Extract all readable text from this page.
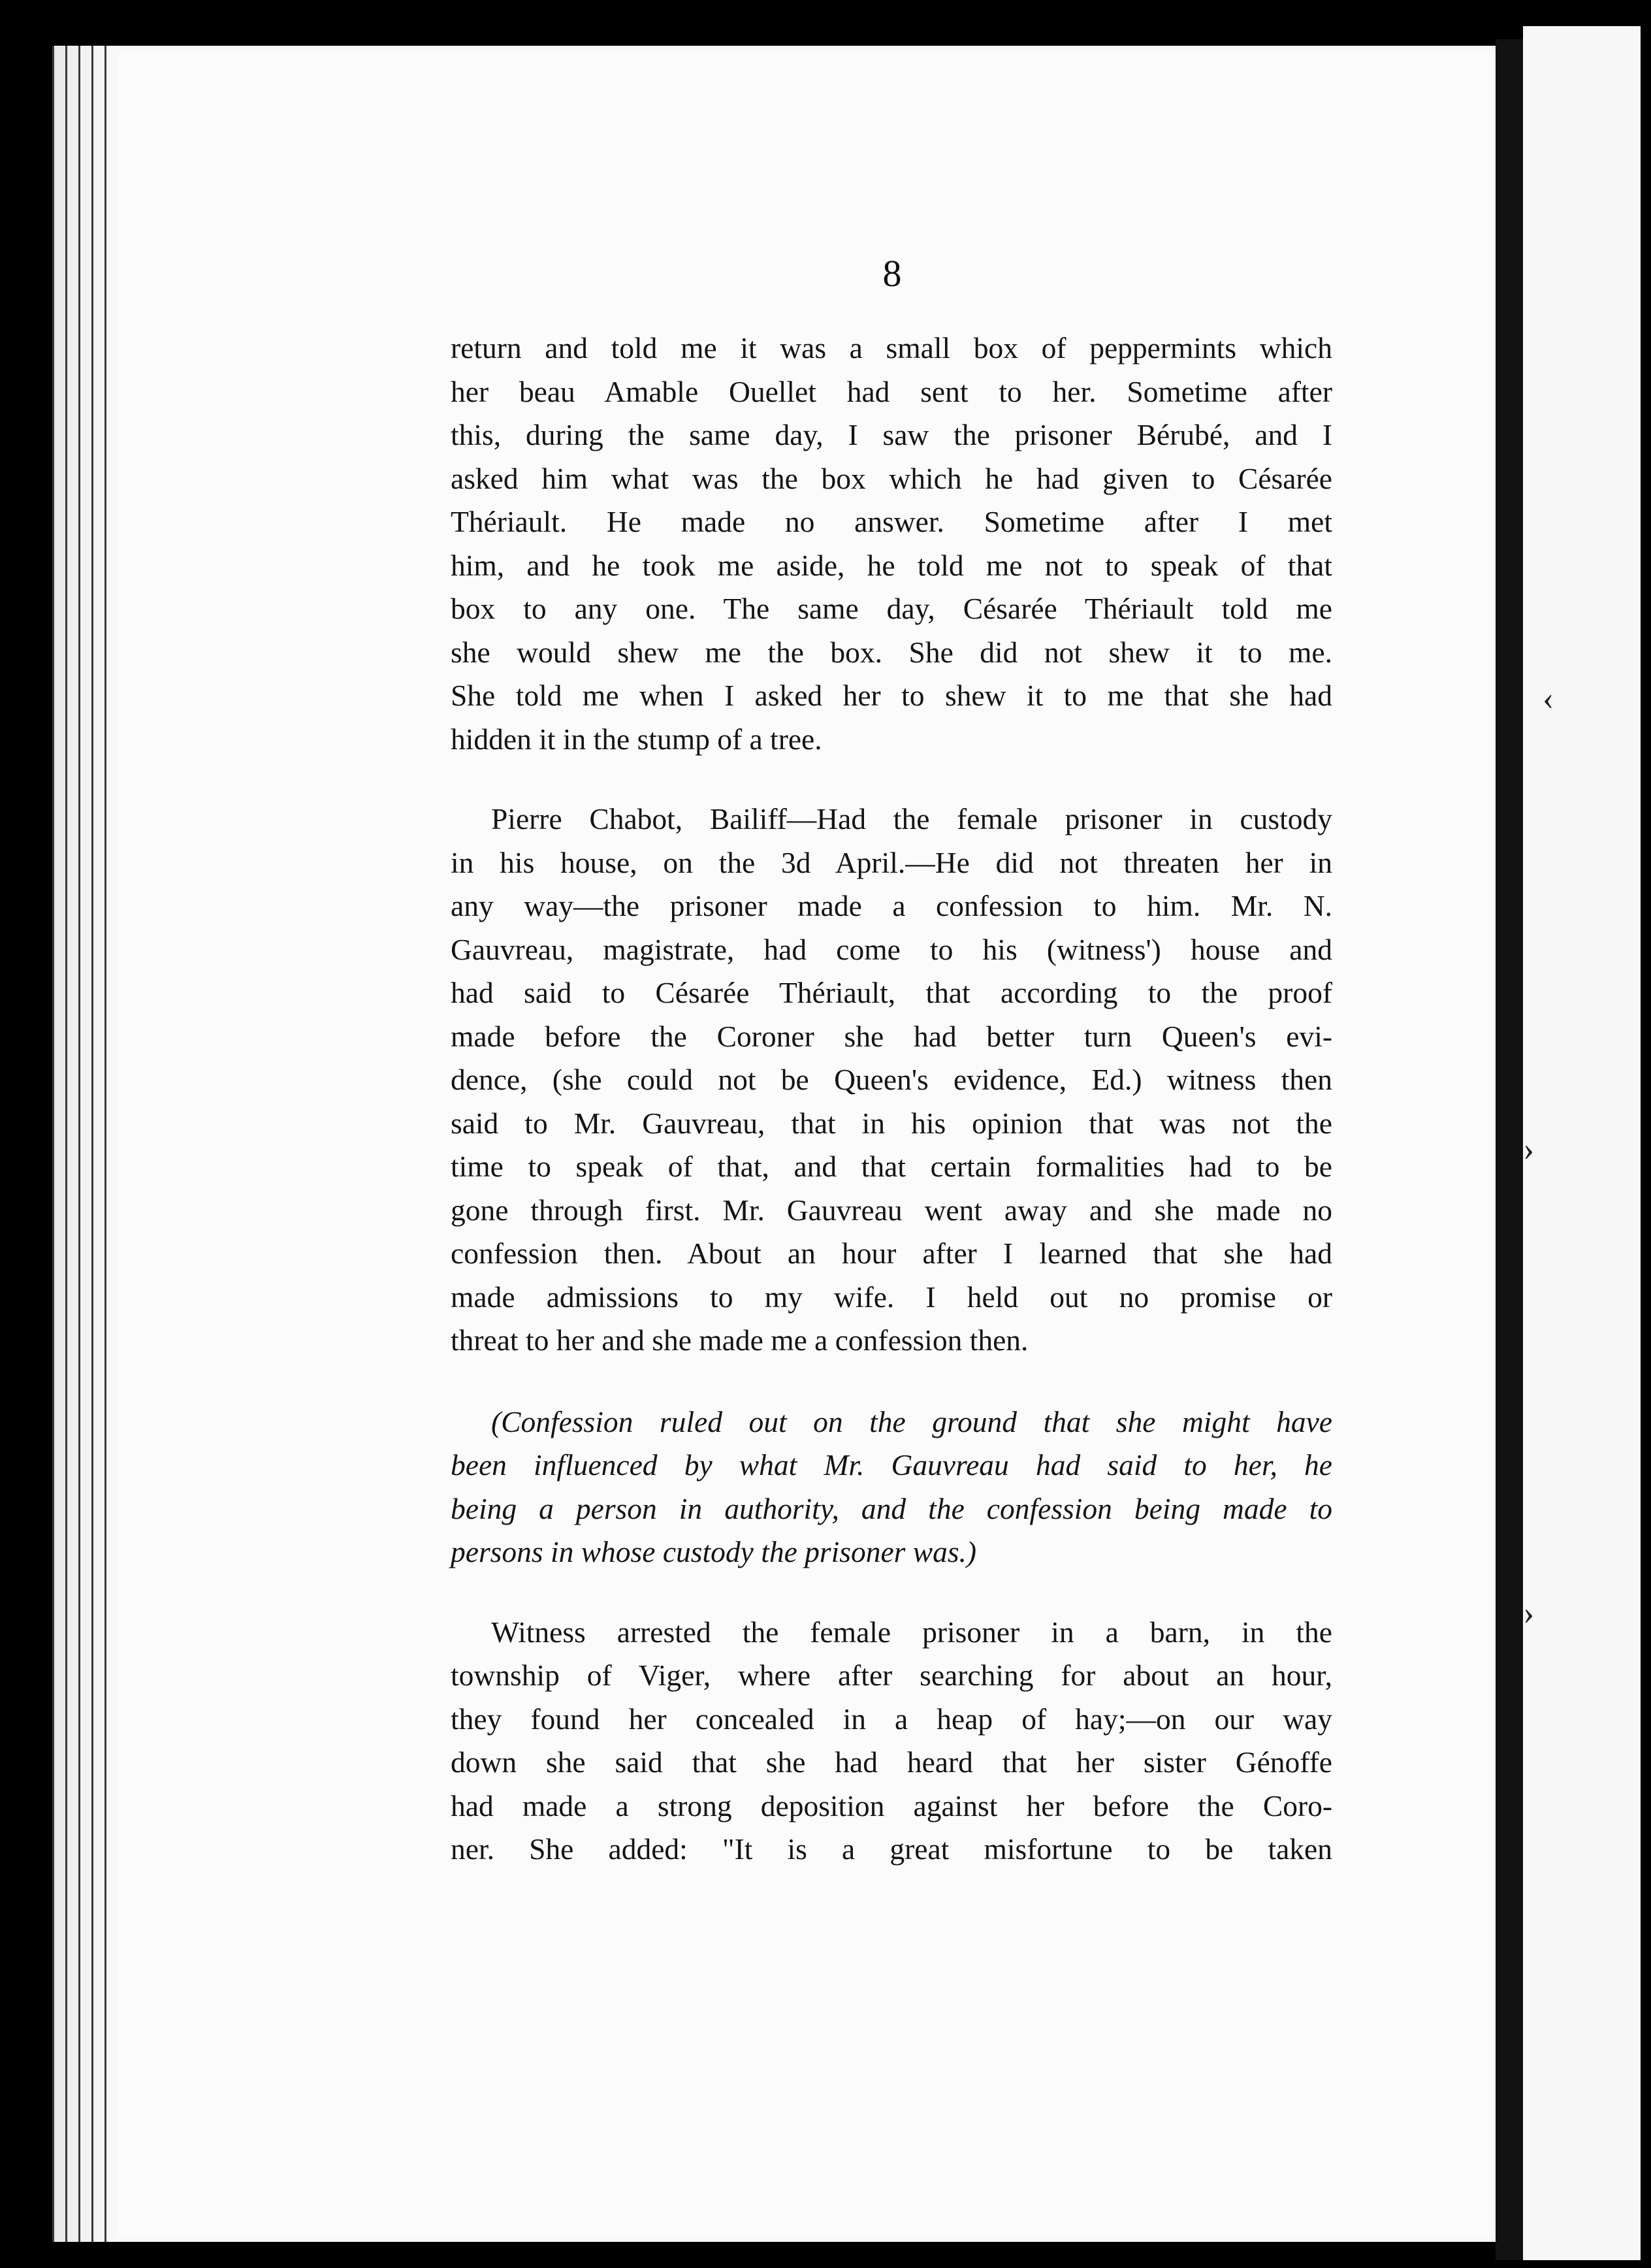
‹
›
›
8

return and told me it was a small box of peppermints which
her beau Amable Ouellet had sent to her. Sometime after
this, during the same day, I saw the prisoner Bérubé, and I
asked him what was the box which he had given to Césarée
Thériault. He made no answer. Sometime after I met
him, and he took me aside, he told me not to speak of that
box to any one. The same day, Césarée Thériault told me
she would shew me the box. She did not shew it to me.
She told me when I asked her to shew it to me that she had
hidden it in the stump of a tree.

Pierre Chabot, Bailiff—Had the female prisoner in custody
in his house, on the 3d April.—He did not threaten her in
any way—the prisoner made a confession to him. Mr. N.
Gauvreau, magistrate, had come to his (witness') house and
had said to Césarée Thériault, that according to the proof
made before the Coroner she had better turn Queen's evi-
dence, (she could not be Queen's evidence, Ed.) witness then
said to Mr. Gauvreau, that in his opinion that was not the
time to speak of that, and that certain formalities had to be
gone through first. Mr. Gauvreau went away and she made no
confession then. About an hour after I learned that she had
made admissions to my wife. I held out no promise or
threat to her and she made me a confession then.

(Confession ruled out on the ground that she might have
been influenced by what Mr. Gauvreau had said to her, he
being a person in authority, and the confession being made to
persons in whose custody the prisoner was.)

Witness arrested the female prisoner in a barn, in the
township of Viger, where after searching for about an hour,
they found her concealed in a heap of hay;—on our way
down she said that she had heard that her sister Génoffe
had made a strong deposition against her before the Coro-
ner. She added: "It is a great misfortune to be taken
